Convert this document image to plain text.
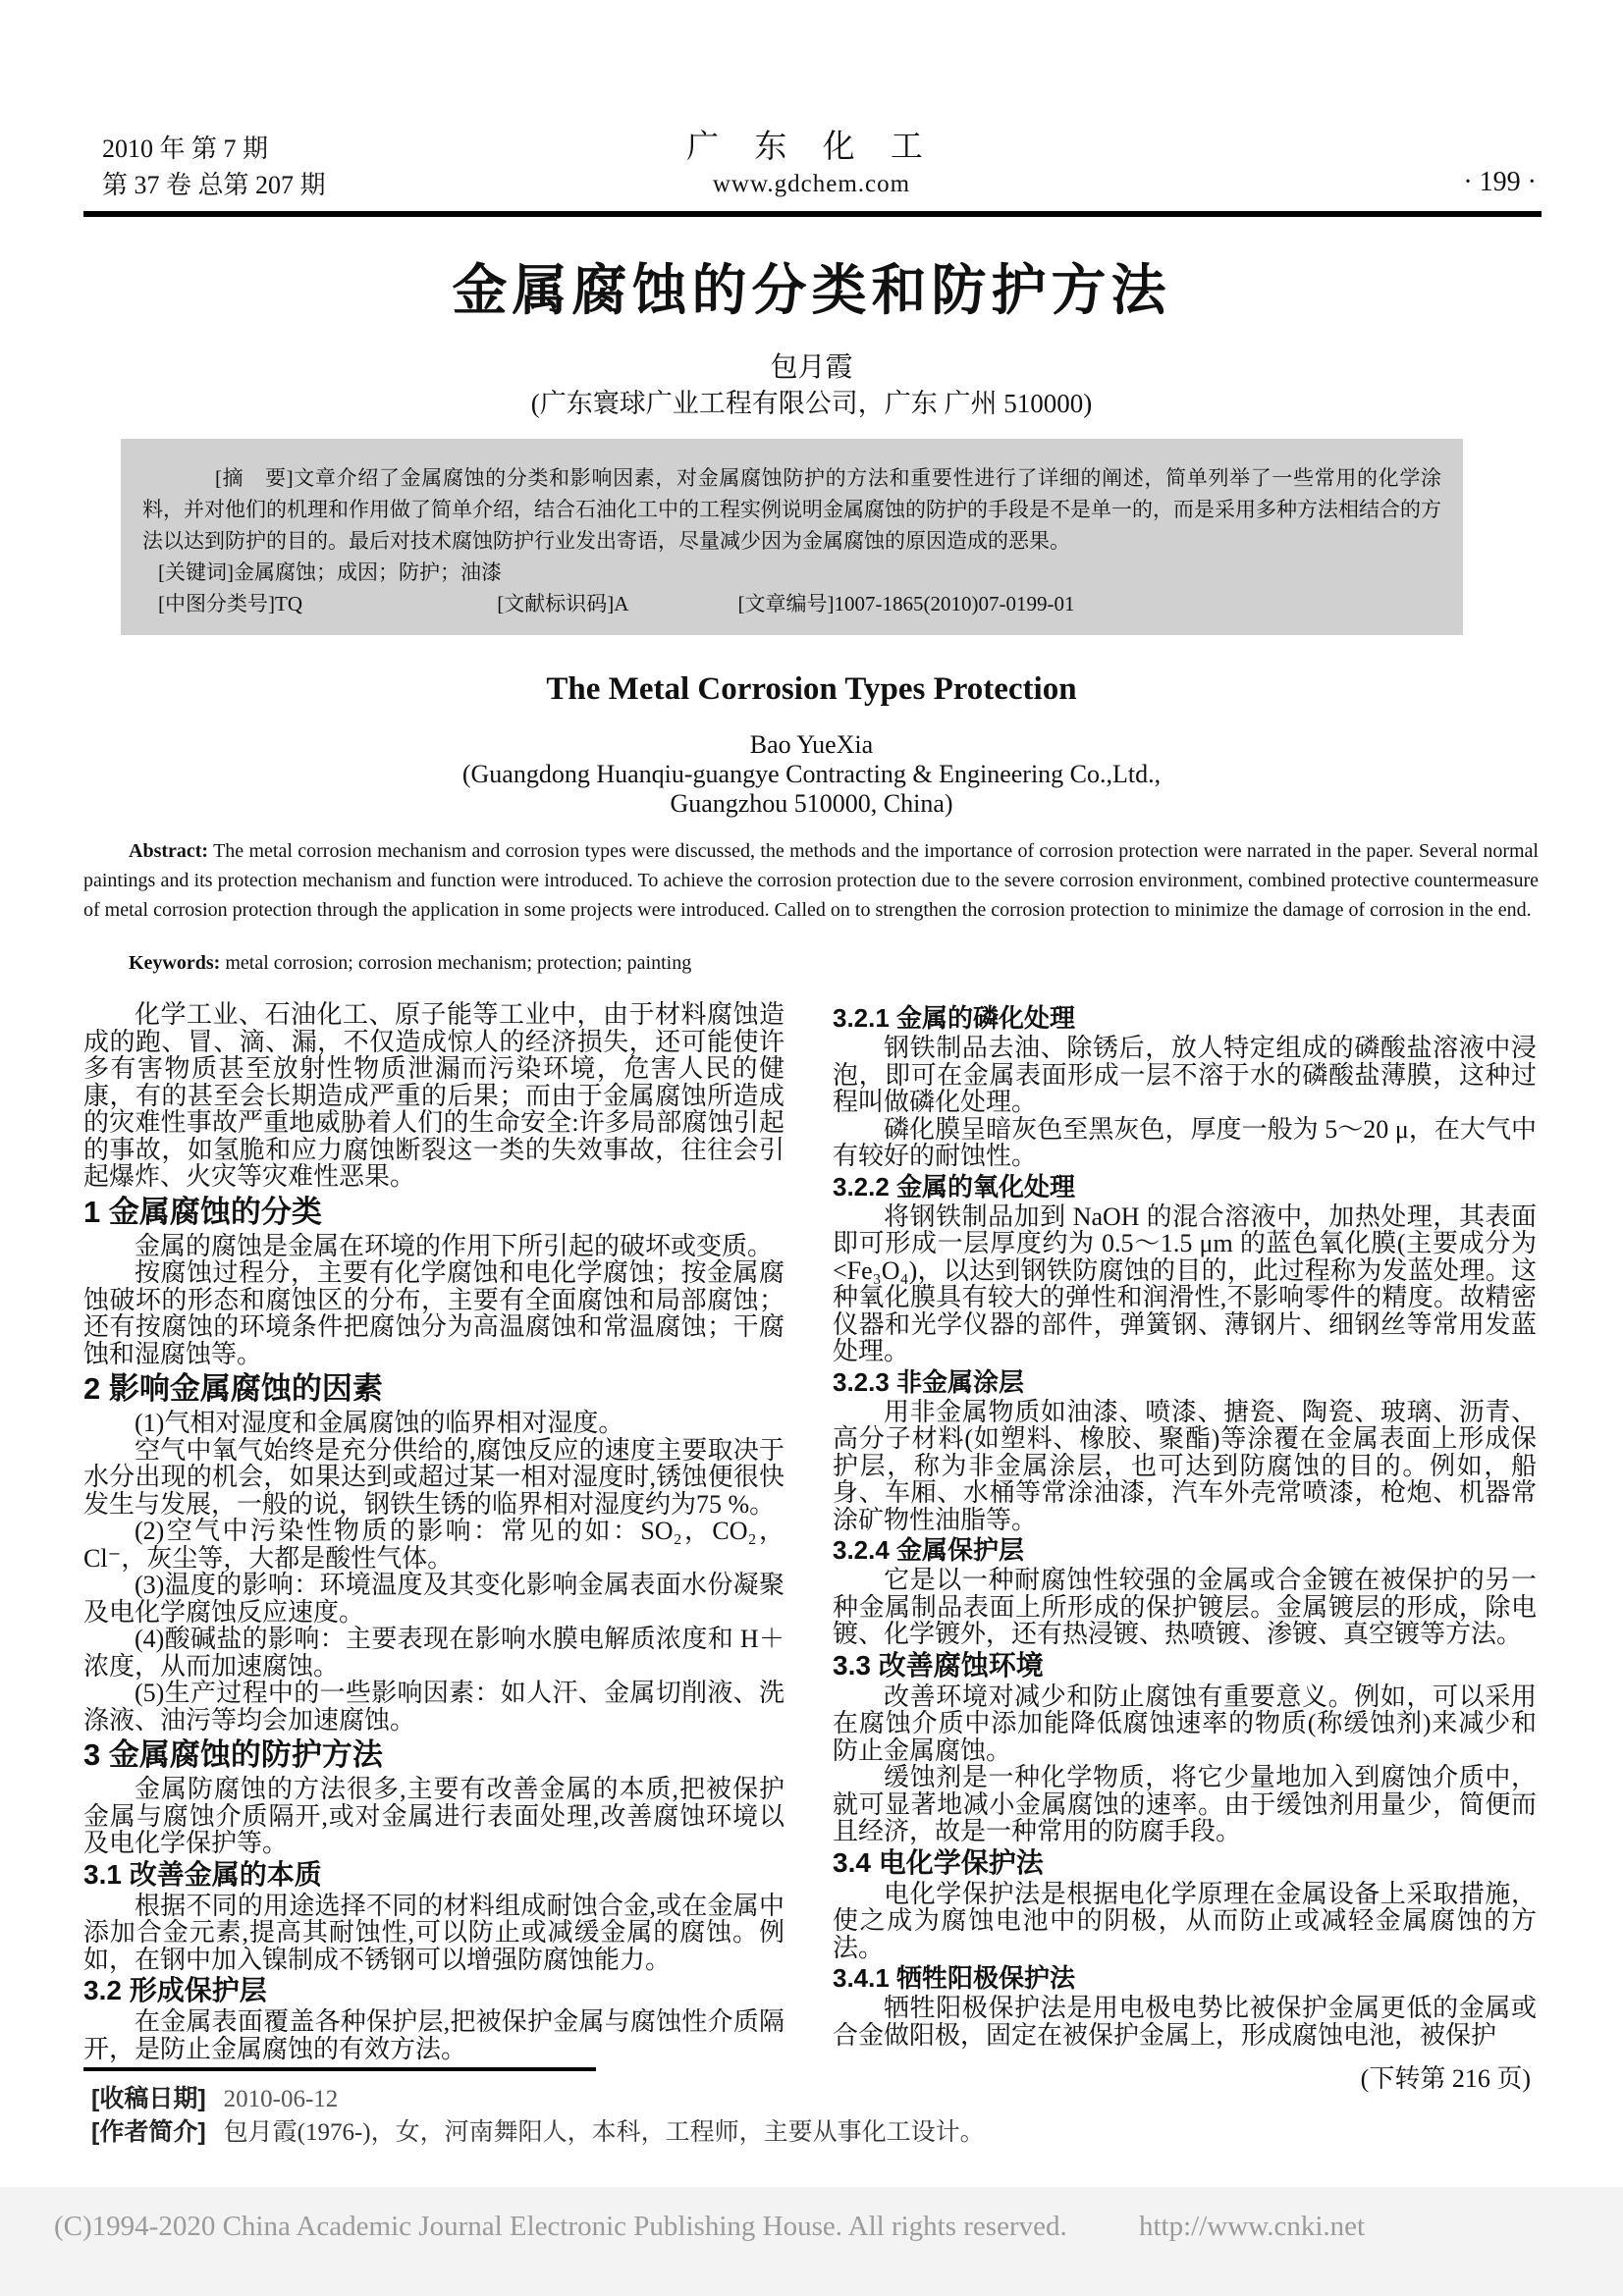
2010 年 第 7 期
第 37 卷 总第 207 期
广 东 化 工
www.gdchem.com	· 199 ·
金属腐蚀的分类和防护方法
包月霞
(广东寰球广业工程有限公司，广东 广州 510000)

[摘　要]文章介绍了金属腐蚀的分类和影响因素，对金属腐蚀防护的方法和重要性进行了详细的阐述，简单列举了一些常用的化学涂料，并对他们的机理和作用做了简单介绍，结合石油化工中的工程实例说明金属腐蚀的防护的手段是不是单一的，而是采用多种方法相结合的方法以达到防护的目的。最后对技术腐蚀防护行业发出寄语，尽量减少因为金属腐蚀的原因造成的恶果。

[关键词]金属腐蚀；成因；防护；油漆
[中图分类号]TQ	[文献标识码]A	[文章编号]1007-1865(2010)07-0199-01
The Metal Corrosion Types Protection
Bao YueXia
(Guangdong Huanqiu-guangye Contracting & Engineering Co.,Ltd.,
Guangzhou 510000, China)
Abstract: The metal corrosion mechanism and corrosion types were discussed, the methods and the importance of corrosion protection were narrated in the paper. Several normal paintings and its protection mechanism and function were introduced. To achieve the corrosion protection due to the severe corrosion environment, combined protective countermeasure of metal corrosion protection through the application in some projects were introduced. Called on to strengthen the corrosion protection to minimize the damage of corrosion in the end.
Keywords: metal corrosion; corrosion mechanism; protection; painting

化学工业、石油化工、原子能等工业中，由于材料腐蚀造成的跑、冒、滴、漏，不仅造成惊人的经济损失，还可能使许多有害物质甚至放射性物质泄漏而污染环境，危害人民的健康，有的甚至会长期造成严重的后果；而由于金属腐蚀所造成的灾难性事故严重地威胁着人们的生命安全:许多局部腐蚀引起的事故，如氢脆和应力腐蚀断裂这一类的失效事故，往往会引起爆炸、火灾等灾难性恶果。

1 金属腐蚀的分类

金属的腐蚀是金属在环境的作用下所引起的破坏或变质。

按腐蚀过程分，主要有化学腐蚀和电化学腐蚀；按金属腐蚀破坏的形态和腐蚀区的分布，主要有全面腐蚀和局部腐蚀；还有按腐蚀的环境条件把腐蚀分为高温腐蚀和常温腐蚀；干腐蚀和湿腐蚀等。

2 影响金属腐蚀的因素

(1)气相对湿度和金属腐蚀的临界相对湿度。

空气中氧气始终是充分供给的,腐蚀反应的速度主要取决于水分出现的机会，如果达到或超过某一相对湿度时,锈蚀便很快发生与发展，一般的说，钢铁生锈的临界相对湿度约为75 %。

(2)空气中污染性物质的影响：常见的如：SO₂，CO₂，Cl⁻，灰尘等，大都是酸性气体。

(3)温度的影响：环境温度及其变化影响金属表面水份凝聚及电化学腐蚀反应速度。

(4)酸碱盐的影响：主要表现在影响水膜电解质浓度和 H＋浓度，从而加速腐蚀。

(5)生产过程中的一些影响因素：如人汗、金属切削液、洗涤液、油污等均会加速腐蚀。

3 金属腐蚀的防护方法

金属防腐蚀的方法很多,主要有改善金属的本质,把被保护金属与腐蚀介质隔开,或对金属进行表面处理,改善腐蚀环境以及电化学保护等。

3.1 改善金属的本质

根据不同的用途选择不同的材料组成耐蚀合金,或在金属中添加合金元素,提高其耐蚀性,可以防止或减缓金属的腐蚀。例如，在钢中加入镍制成不锈钢可以增强防腐蚀能力。

3.2 形成保护层

在金属表面覆盖各种保护层,把被保护金属与腐蚀性介质隔开，是防止金属腐蚀的有效方法。

3.2.1 金属的磷化处理

钢铁制品去油、除锈后，放人特定组成的磷酸盐溶液中浸泡，即可在金属表面形成一层不溶于水的磷酸盐薄膜，这种过程叫做磷化处理。

磷化膜呈暗灰色至黑灰色，厚度一般为 5～20 μ，在大气中有较好的耐蚀性。

3.2.2 金属的氧化处理

将钢铁制品加到 NaOH 的混合溶液中，加热处理，其表面即可形成一层厚度约为 0.5～1.5 μm 的蓝色氧化膜(主要成分为<Fe₃O₄)，以达到钢铁防腐蚀的目的，此过程称为发蓝处理。这种氧化膜具有较大的弹性和润滑性,不影响零件的精度。故精密仪器和光学仪器的部件，弹簧钢、薄钢片、细钢丝等常用发蓝处理。

3.2.3 非金属涂层

用非金属物质如油漆、喷漆、搪瓷、陶瓷、玻璃、沥青、高分子材料(如塑料、橡胶、聚酯)等涂覆在金属表面上形成保护层，称为非金属涂层，也可达到防腐蚀的目的。例如，船身、车厢、水桶等常涂油漆，汽车外壳常喷漆，枪炮、机器常涂矿物性油脂等。

3.2.4 金属保护层

它是以一种耐腐蚀性较强的金属或合金镀在被保护的另一种金属制品表面上所形成的保护镀层。金属镀层的形成，除电镀、化学镀外，还有热浸镀、热喷镀、渗镀、真空镀等方法。

3.3 改善腐蚀环境

改善环境对减少和防止腐蚀有重要意义。例如，可以采用在腐蚀介质中添加能降低腐蚀速率的物质(称缓蚀剂)来减少和防止金属腐蚀。

缓蚀剂是一种化学物质，将它少量地加入到腐蚀介质中，就可显著地减小金属腐蚀的速率。由于缓蚀剂用量少，简便而且经济，故是一种常用的防腐手段。

3.4 电化学保护法

电化学保护法是根据电化学原理在金属设备上采取措施，使之成为腐蚀电池中的阴极，从而防止或减轻金属腐蚀的方法。

3.4.1 牺牲阳极保护法

牺牲阳极保护法是用电极电势比被保护金属更低的金属或合金做阳极，固定在被保护金属上，形成腐蚀电池，被保护

(下转第 216 页)
[收稿日期] 2010-06-12
[作者简介] 包月霞(1976-)，女，河南舞阳人，本科，工程师，主要从事化工设计。
(C)1994-2020 China Academic Journal Electronic Publishing House. All rights reserved.	http://www.cnki.net
